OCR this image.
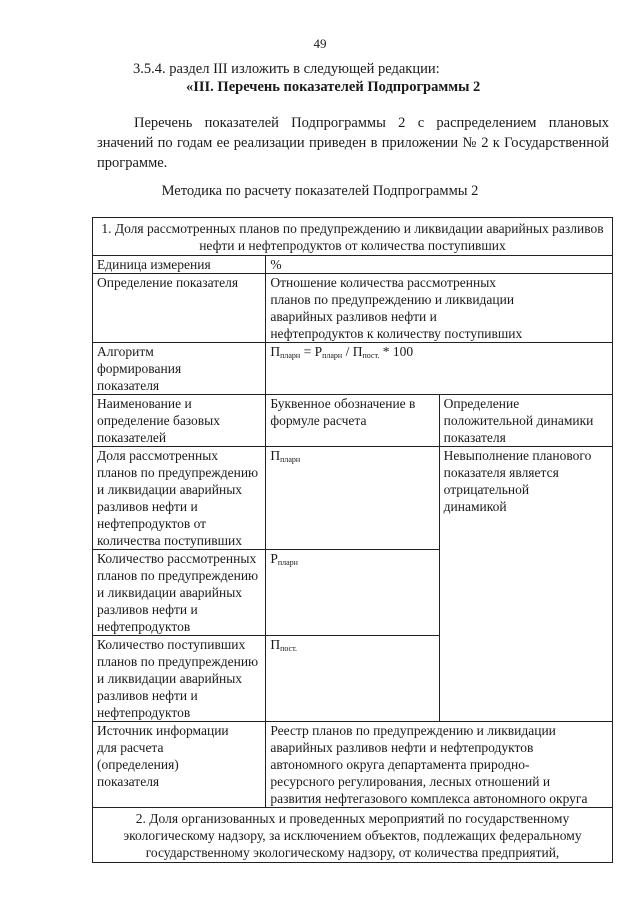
49
3.5.4. раздел III изложить в следующей редакции:
«III. Перечень показателей Подпрограммы 2
Перечень показателей Подпрограммы 2 с распределением плановых значений по годам ее реализации приведен в приложении № 2 к Государственной программе.
Методика по расчету показателей Подпрограммы 2
1. Доля рассмотренных планов по предупреждению и ликвидации аварийных разливов нефти и нефтепродуктов от количества поступивших		
Единица измерения	%	
Определение показателя	Отношение количества рассмотренных планов по предупреждению и ликвидации аварийных разливов нефти и нефтепродуктов к количеству поступивших	
Алгоритм формирования показателя	$П_{пларн} = Р_{пларн} / П_{пост.} * 100$	
Наименование и определение базовых показателей	Буквенное обозначение в формуле расчета	Определение положительной динамики показателя
Доля рассмотренных планов по предупреждению и ликвидации аварийных разливов нефти и нефтепродуктов от количества поступивших	$П_{пларн}$	Невыполнение планового показателя является отрицательной динамикой
Количество рассмотренных планов по предупреждению и ликвидации аварийных разливов нефти и нефтепродуктов	$Р_{пларн}$
Количество поступивших планов по предупреждению и ликвидации аварийных разливов нефти и нефтепродуктов	$П_{пост.}$
Источник информации для расчета (определения) показателя	Реестр планов по предупреждению и ликвидации аварийных разливов нефти и нефтепродуктов автономного округа департамента природно-ресурсного регулирования, лесных отношений и развития нефтегазового комплекса автономного округа	
2. Доля организованных и проведенных мероприятий по государственному экологическому надзору, за исключением объектов, подлежащих федеральному государственному экологическому надзору, от количества предприятий,		
